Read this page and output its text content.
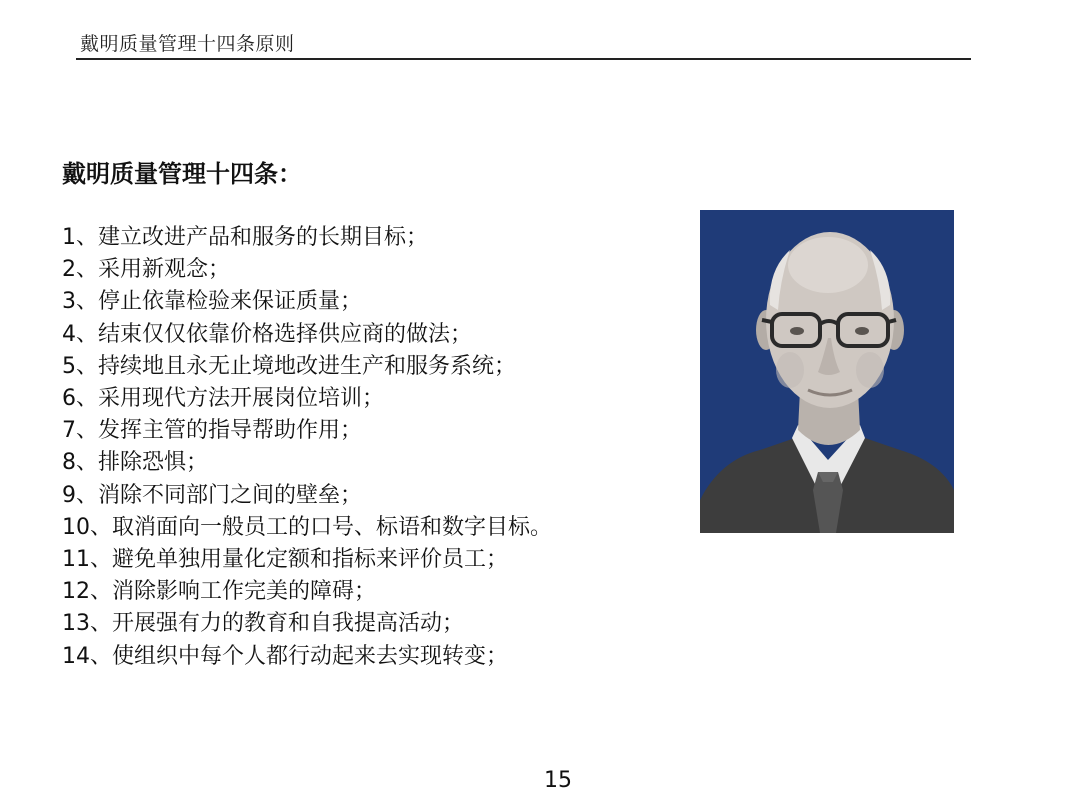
戴明质量管理十四条原则
戴明质量管理十四条：
1、建立改进产品和服务的长期目标；
2、采用新观念；
3、停止依靠检验来保证质量；
4、结束仅仅依靠价格选择供应商的做法；
5、持续地且永无止境地改进生产和服务系统；
6、采用现代方法开展岗位培训；
7、发挥主管的指导帮助作用；
8、排除恐惧；
9、消除不同部门之间的壁垒；
10、取消面向一般员工的口号、标语和数字目标。
11、避免单独用量化定额和指标来评价员工；
12、消除影响工作完美的障碍；
13、开展强有力的教育和自我提高活动；
14、使组织中每个人都行动起来去实现转变；
15
